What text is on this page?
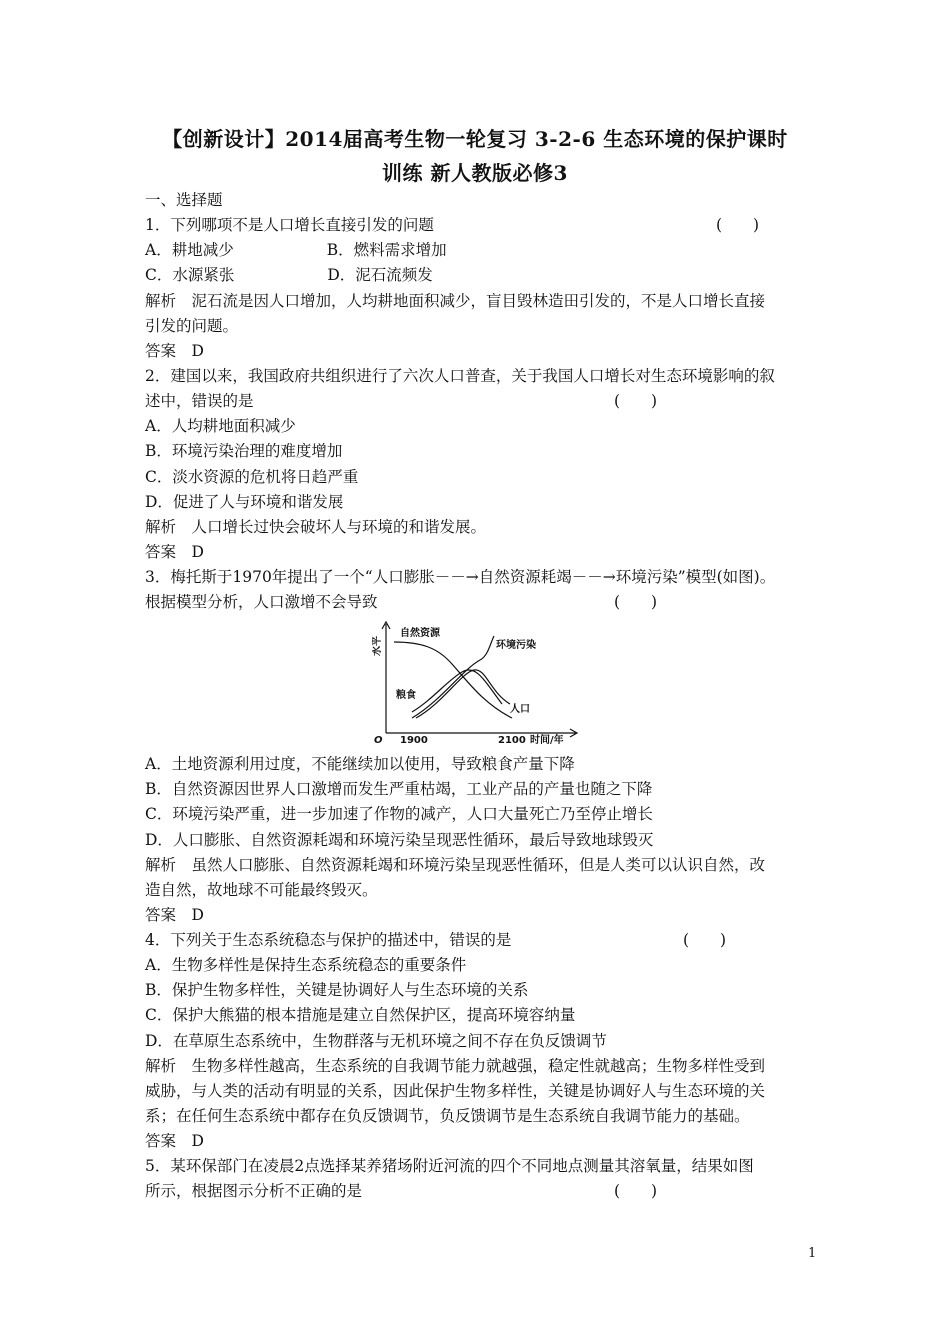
【创新设计】2014届高考生物一轮复习 3-2-6 生态环境的保护课时
训练 新人教版必修3
一、选择题
1．下列哪项不是人口增长直接引发的问题	(　　)
A．耕地减少　　　　　　B．燃料需求增加
C．水源紧张　　　　　　D．泥石流频发
解析　泥石流是因人口增加，人均耕地面积减少，盲目毁林造田引发的，不是人口增长直接
引发的问题。
答案　D
2．建国以来，我国政府共组织进行了六次人口普查，关于我国人口增长对生态环境影响的叙
述中，错误的是	(　　)
A．人均耕地面积减少
B．环境污染治理的难度增加
C．淡水资源的危机将日趋严重
D．促进了人与环境和谐发展
解析　人口增长过快会破坏人与环境的和谐发展。
答案　D
3．梅托斯于1970年提出了一个“人口膨胀－－→自然资源耗竭－－→环境污染”模型(如图)。
根据模型分析，人口激增不会导致	(　　)
水平
自然资源
环境污染
粮食
人口
O 1900	2100 时间/年
A．土地资源利用过度，不能继续加以使用，导致粮食产量下降
B．自然资源因世界人口激增而发生严重枯竭，工业产品的产量也随之下降
C．环境污染严重，进一步加速了作物的减产，人口大量死亡乃至停止增长
D．人口膨胀、自然资源耗竭和环境污染呈现恶性循环，最后导致地球毁灭
解析　虽然人口膨胀、自然资源耗竭和环境污染呈现恶性循环，但是人类可以认识自然，改
造自然，故地球不可能最终毁灭。
答案　D
4．下列关于生态系统稳态与保护的描述中，错误的是	(　　)
A．生物多样性是保持生态系统稳态的重要条件
B．保护生物多样性，关键是协调好人与生态环境的关系
C．保护大熊猫的根本措施是建立自然保护区，提高环境容纳量
D．在草原生态系统中，生物群落与无机环境之间不存在负反馈调节
解析　生物多样性越高，生态系统的自我调节能力就越强，稳定性就越高；生物多样性受到
威胁，与人类的活动有明显的关系，因此保护生物多样性，关键是协调好人与生态环境的关
系；在任何生态系统中都存在负反馈调节，负反馈调节是生态系统自我调节能力的基础。
答案　D
5．某环保部门在凌晨2点选择某养猪场附近河流的四个不同地点测量其溶氧量，结果如图
所示，根据图示分析不正确的是	(　　)
1
